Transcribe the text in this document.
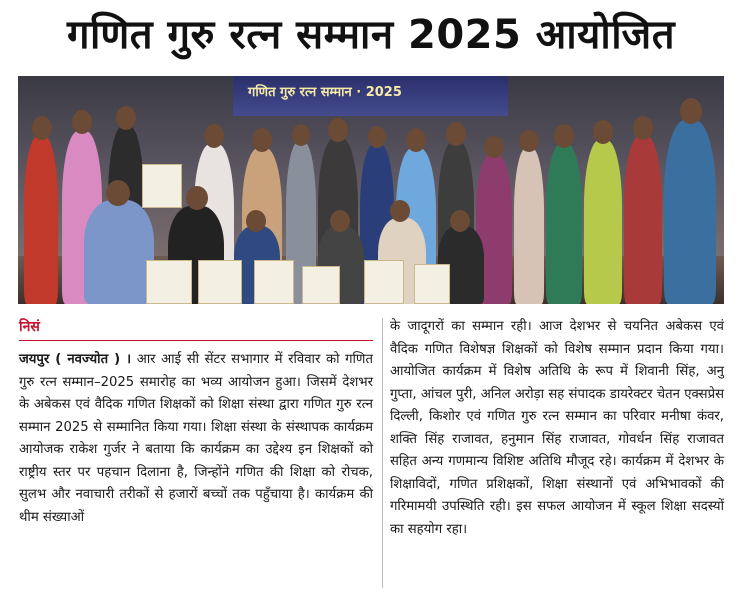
गणित गुरु रत्न सम्मान 2025 आयोजित
गणित गुरु रत्न सम्मान · 2025
निसं
जयपुर ( नवज्योत ) । आर आई सी सेंटर सभागार में रविवार को गणित गुरु रत्न सम्मान–2025 समारोह का भव्य आयोजन हुआ। जिसमें देशभर के अबेकस एवं वैदिक गणित शिक्षकों को शिक्षा संस्था द्वारा गणित गुरु रत्न सम्मान 2025 से सम्मानित किया गया। शिक्षा संस्था के संस्थापक कार्यक्रम आयोजक राकेश गुर्जर ने बताया कि कार्यक्रम का उद्देश्य इन शिक्षकों को राष्ट्रीय स्तर पर पहचान दिलाना है, जिन्होंने गणित की शिक्षा को रोचक, सुलभ और नवाचारी तरीकों से हजारों बच्चों तक पहुँचाया है। कार्यक्रम की थीम संख्याओं
के जादूगरों का सम्मान रही। आज देशभर से चयनित अबेकस एवं वैदिक गणित विशेषज्ञ शिक्षकों को विशेष सम्मान प्रदान किया गया। आयोजित कार्यक्रम में विशेष अतिथि के रूप में शिवानी सिंह, अनु गुप्ता, आंचल पुरी, अनिल अरोड़ा सह संपादक डायरेक्टर चेतन एक्सप्रेस दिल्ली, किशोर एवं गणित गुरु रत्न सम्मान का परिवार मनीषा कंवर, शक्ति सिंह राजावत, हनुमान सिंह राजावत, गोवर्धन सिंह राजावत सहित अन्य गणमान्य विशिष्ट अतिथि मौजूद रहे। कार्यक्रम में देशभर के शिक्षाविदों, गणित प्रशिक्षकों, शिक्षा संस्थानों एवं अभिभावकों की गरिमामयी उपस्थिति रही। इस सफल आयोजन में स्कूल शिक्षा सदस्यों का सहयोग रहा।
